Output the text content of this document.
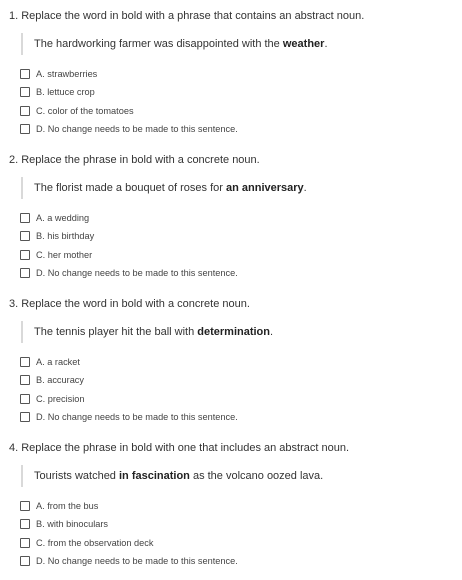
1. Replace the word in bold with a phrase that contains an abstract noun.
The hardworking farmer was disappointed with the weather.
A. strawberries
B. lettuce crop
C. color of the tomatoes
D. No change needs to be made to this sentence.
2. Replace the phrase in bold with a concrete noun.
The florist made a bouquet of roses for an anniversary.
A. a wedding
B. his birthday
C. her mother
D. No change needs to be made to this sentence.
3. Replace the word in bold with a concrete noun.
The tennis player hit the ball with determination.
A. a racket
B. accuracy
C. precision
D. No change needs to be made to this sentence.
4. Replace the phrase in bold with one that includes an abstract noun.
Tourists watched in fascination as the volcano oozed lava.
A. from the bus
B. with binoculars
C. from the observation deck
D. No change needs to be made to this sentence.
